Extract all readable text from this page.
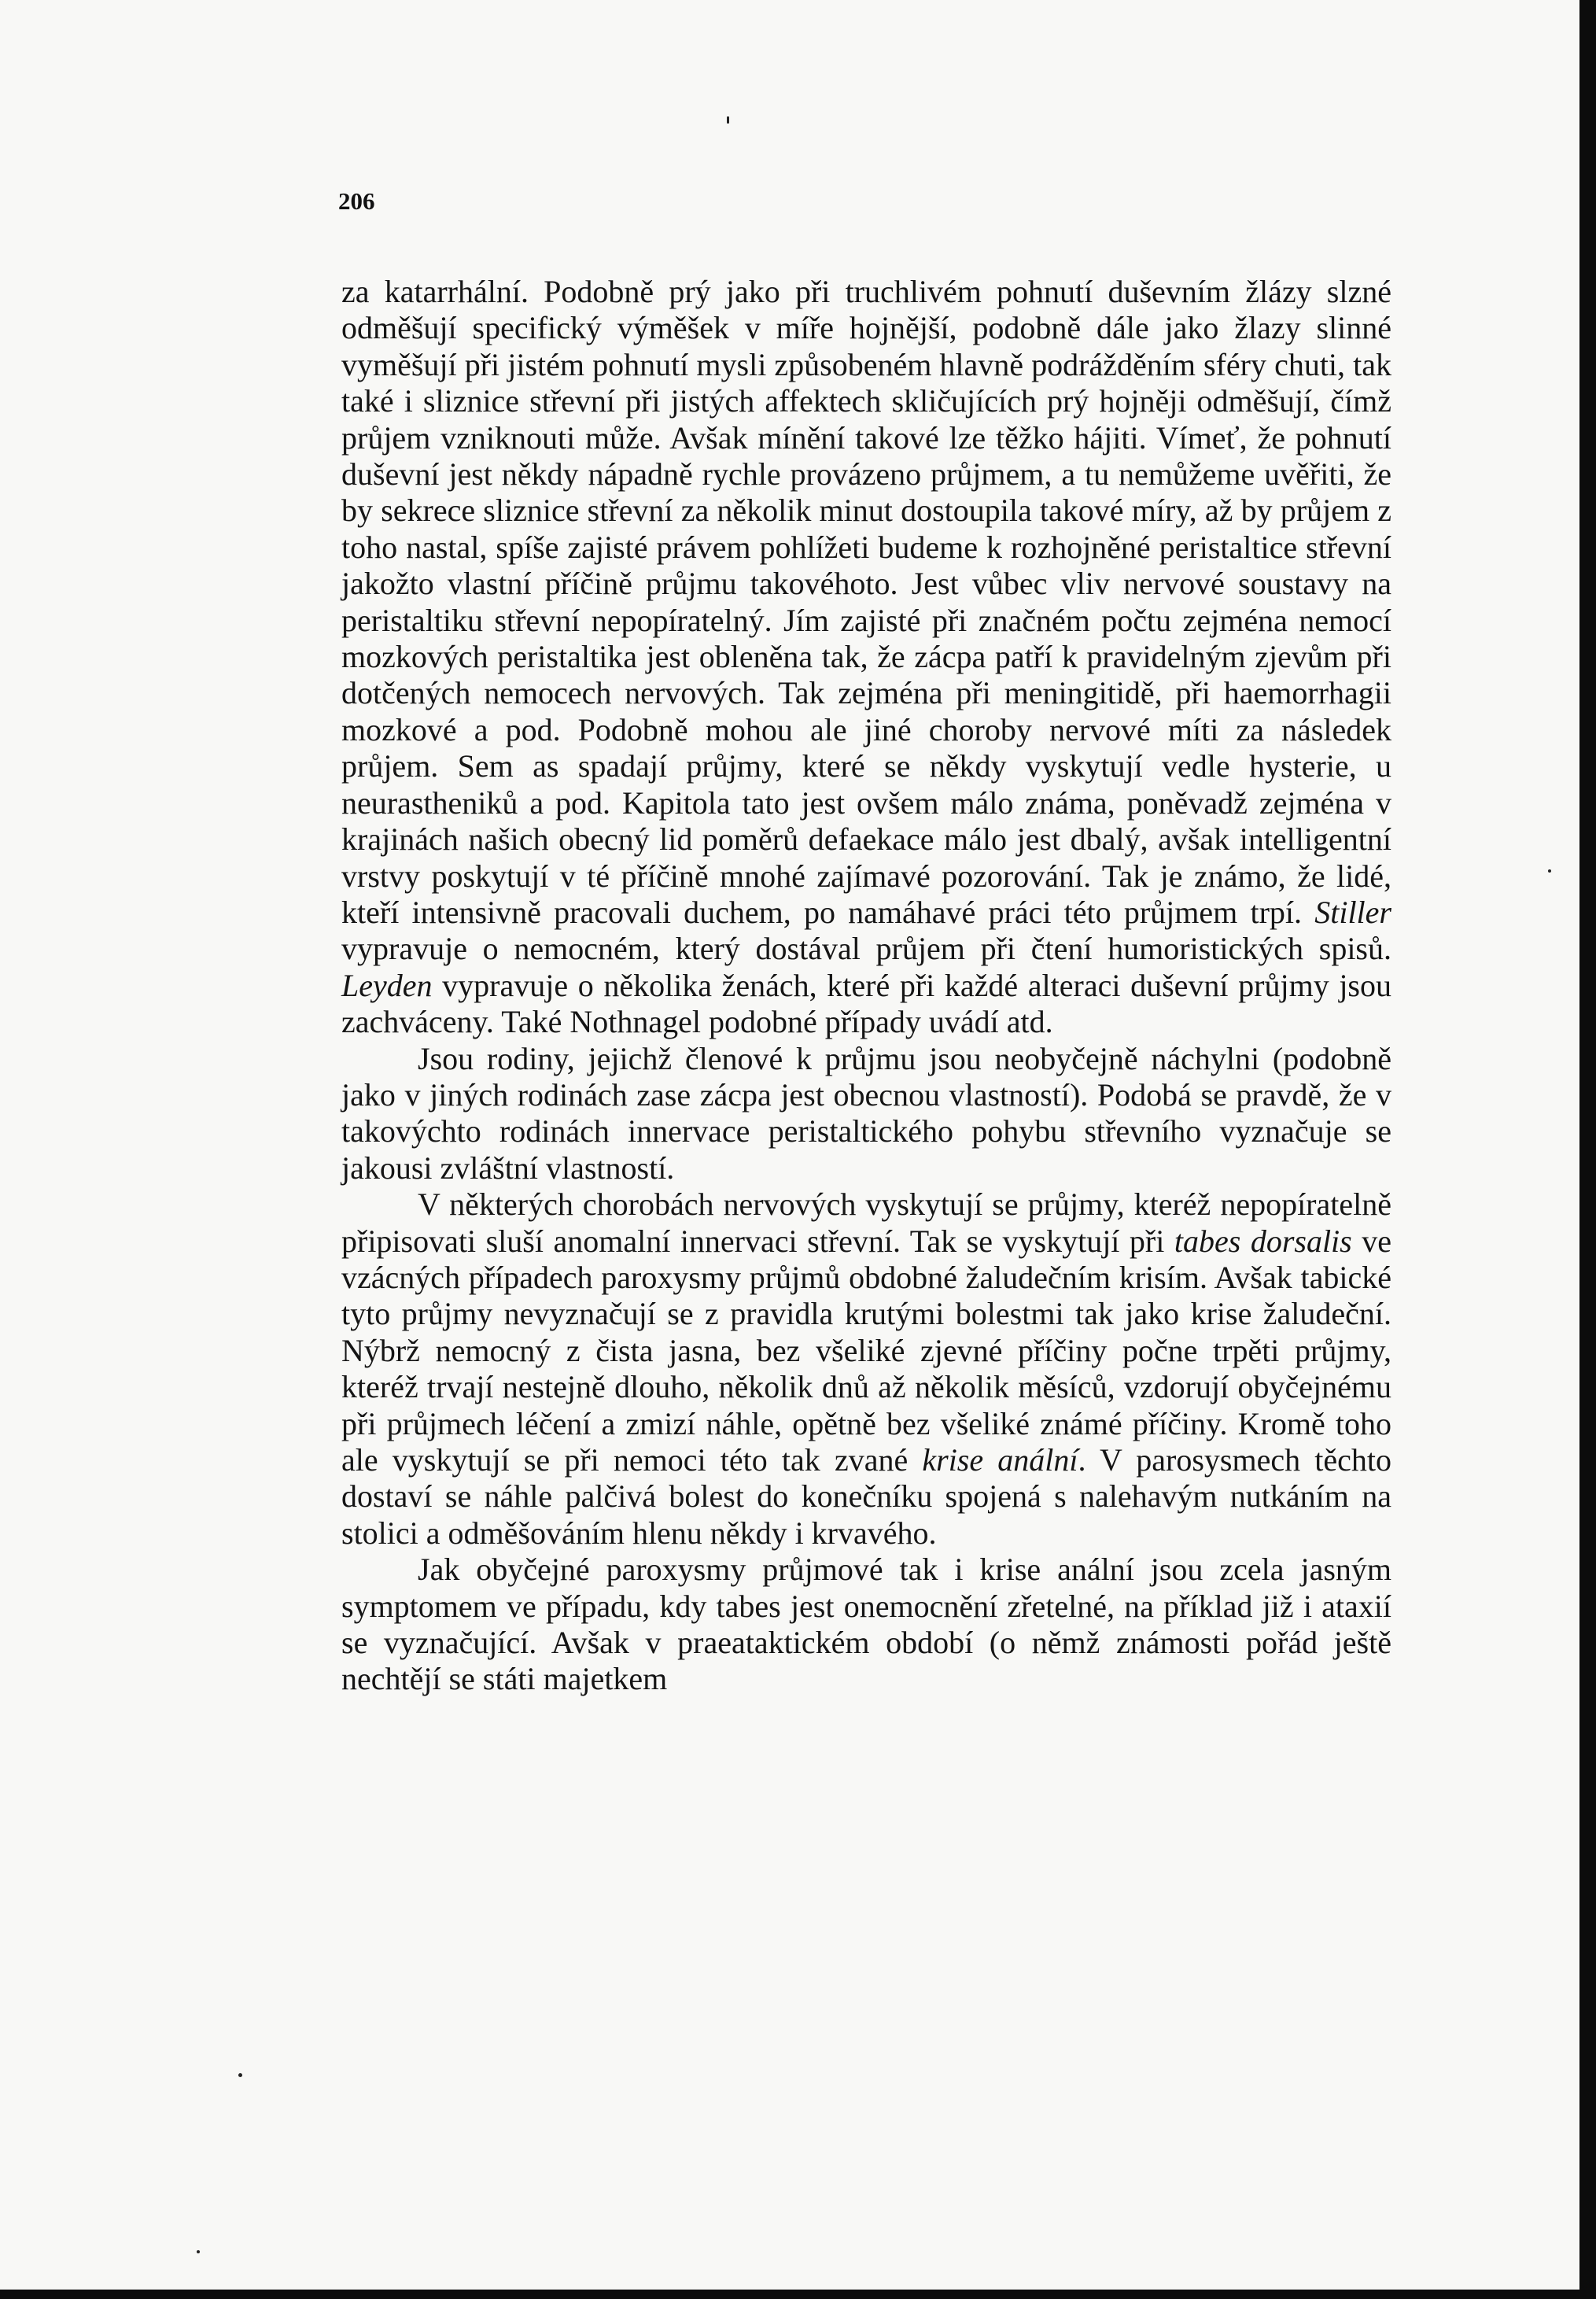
206

za katarrhální. Podobně prý jako při truchlivém pohnutí duševním žlázy slzné odměšují specifický výměšek v míře hojnější, podobně dále jako žlazy slinné vyměšují při jistém pohnutí mysli způsobeném hlavně podrážděním sféry chuti, tak také i sliznice střevní při jistých affektech skličujících prý hojněji odměšují, čímž průjem vzniknouti může. Avšak mínění takové lze těžko hájiti. Vímeť, že pohnutí duševní jest někdy nápadně rychle provázeno průjmem, a tu nemůžeme uvěřiti, že by sekrece sliznice střevní za několik minut dostoupila takové míry, až by průjem z toho nastal, spíše zajisté právem pohlížeti budeme k rozhojněné peristaltice střevní jakožto vlastní příčině průjmu takovéhoto. Jest vůbec vliv nervové soustavy na peristaltiku střevní nepopíratelný. Jím zajisté při značném počtu zejména nemocí mozkových peristaltika jest obleněna tak, že zácpa patří k pravidelným zjevům při dotčených nemocech nervových. Tak zejména při meningitidě, při haemorrhagii mozkové a pod. Podobně mohou ale jiné choroby nervové míti za následek průjem. Sem as spadají průjmy, které se někdy vyskytují vedle hysterie, u neurastheniků a pod. Kapitola tato jest ovšem málo známa, poněvadž zejména v krajinách našich obecný lid poměrů defaekace málo jest dbalý, avšak intelligentní vrstvy poskytují v té příčině mnohé zajímavé pozorování. Tak je známo, že lidé, kteří intensivně pracovali duchem, po namáhavé práci této průjmem trpí. Stiller vypravuje o nemocném, který dostával průjem při čtení humoristických spisů. Leyden vypravuje o několika ženách, které při každé alteraci duševní průjmy jsou zachváceny. Také Nothnagel podobné případy uvádí atd.

Jsou rodiny, jejichž členové k průjmu jsou neobyčejně náchylni (podobně jako v jiných rodinách zase zácpa jest obecnou vlastností). Podobá se pravdě, že v takovýchto rodinách innervace peristaltického pohybu střevního vyznačuje se jakousi zvláštní vlastností.

V některých chorobách nervových vyskytují se průjmy, kteréž nepopíratelně připisovati sluší anomalní innervaci střevní. Tak se vyskytují při tabes dorsalis ve vzácných případech paroxysmy průjmů obdobné žaludečním krisím. Avšak tabické tyto průjmy nevyznačují se z pravidla krutými bolestmi tak jako krise žaludeční. Nýbrž nemocný z čista jasna, bez všeliké zjevné příčiny počne trpěti průjmy, kteréž trvají nestejně dlouho, několik dnů až několik měsíců, vzdorují obyčejnému při průjmech léčení a zmizí náhle, opětně bez všeliké známé příčiny. Kromě toho ale vyskytují se při nemoci této tak zvané krise anální. V parosysmech těchto dostaví se náhle palčivá bolest do konečníku spojená s nalehavým nutkáním na stolici a odměšováním hlenu někdy i krvavého.

Jak obyčejné paroxysmy průjmové tak i krise anální jsou zcela jasným symptomem ve případu, kdy tabes jest onemocnění zřetelné, na příklad již i ataxií se vyznačující. Avšak v praeataktickém období (o němž známosti pořád ještě nechtějí se státi majetkem
